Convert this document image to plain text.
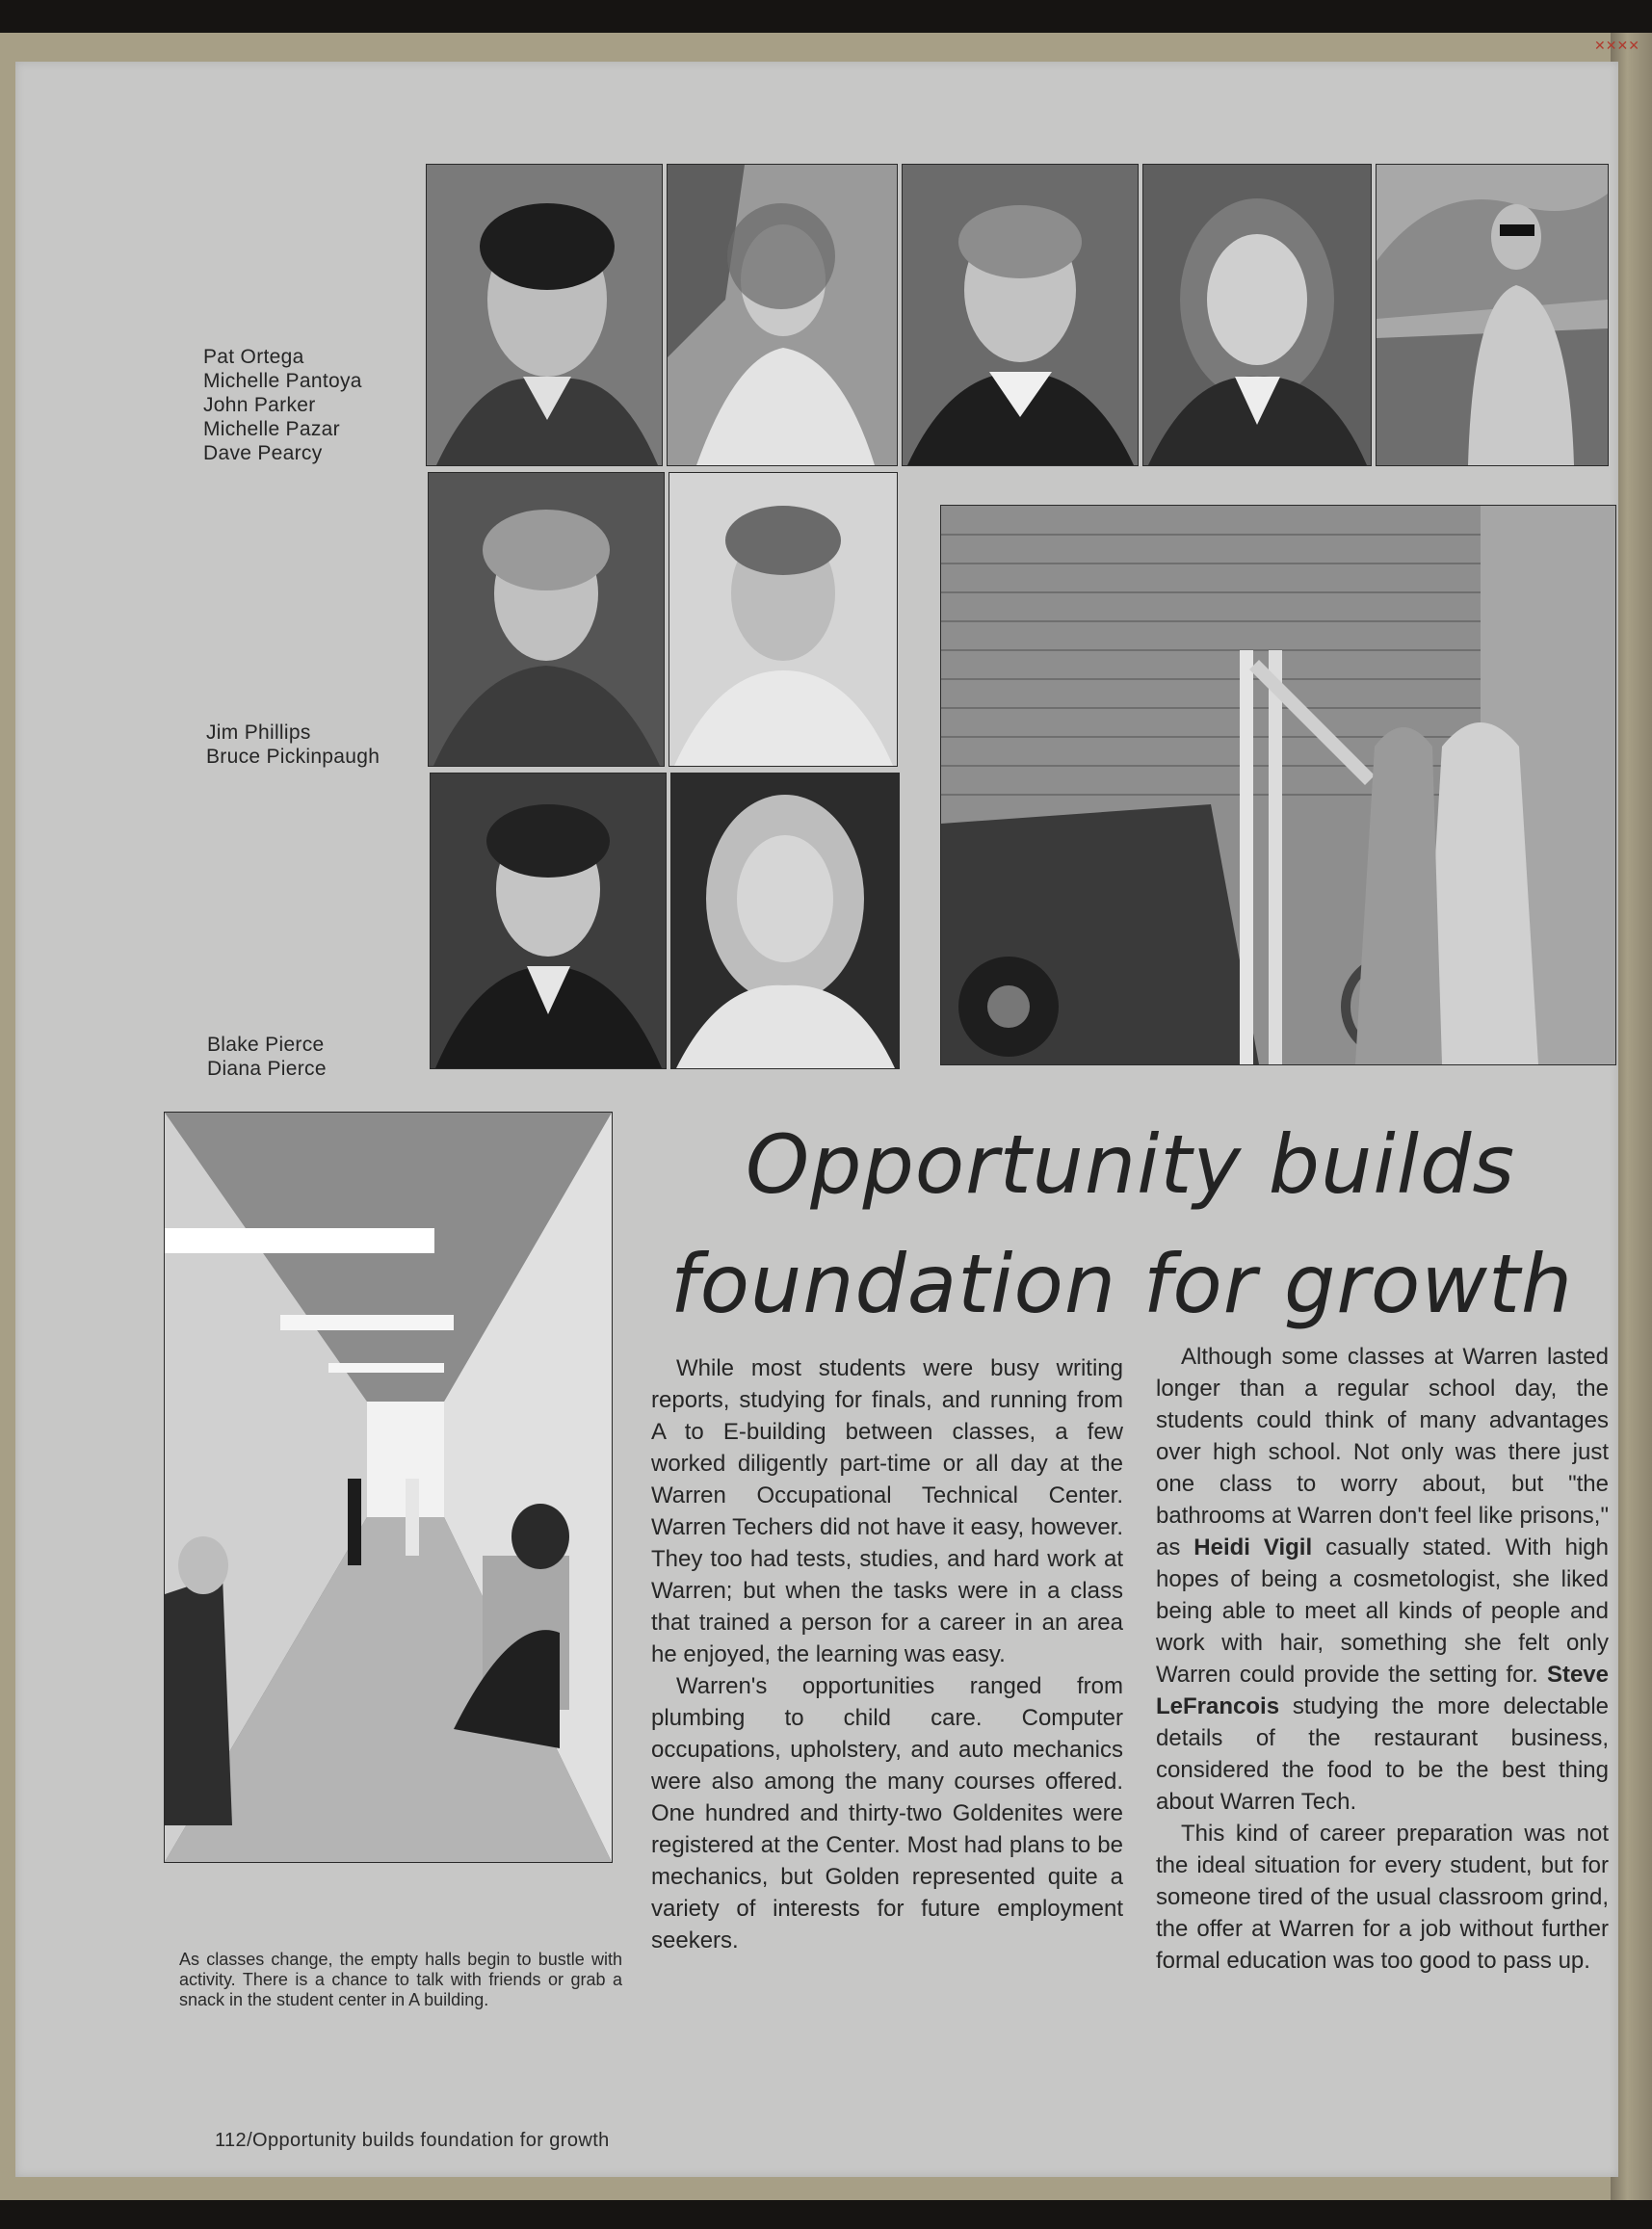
✕✕✕✕
Pat Ortega
Michelle Pantoya
John Parker
Michelle Pazar
Dave Pearcy
Jim Phillips
Bruce Pickinpaugh
Blake Pierce
Diana Pierce
Opportunity builds
foundation for growth

While most students were busy writing reports, studying for finals, and running from A to E-building between classes, a few worked diligently part-time or all day at the Warren Occupational Technical Center. Warren Techers did not have it easy, however. They too had tests, studies, and hard work at Warren; but when the tasks were in a class that trained a person for a career in an area he enjoyed, the learning was easy.

Warren's opportunities ranged from plumbing to child care. Computer occupations, upholstery, and auto mechanics were also among the many courses offered. One hundred and thirty-two Goldenites were registered at the Center. Most had plans to be mechanics, but Golden represented quite a variety of interests for future employment seekers.

Although some classes at Warren lasted longer than a regular school day, the students could think of many advantages over high school. Not only was there just one class to worry about, but "the bathrooms at Warren don't feel like prisons," as Heidi Vigil casually stated. With high hopes of being a cosmetologist, she liked being able to meet all kinds of people and work with hair, something she felt only Warren could provide the setting for. Steve LeFrancois studying the more delectable details of the restaurant business, considered the food to be the best thing about Warren Tech.

This kind of career preparation was not the ideal situation for every student, but for someone tired of the usual classroom grind, the offer at Warren for a job without further formal education was too good to pass up.

As classes change, the empty halls begin to bustle with activity. There is a chance to talk with friends or grab a snack in the student center in A building.
112/Opportunity builds foundation for growth
